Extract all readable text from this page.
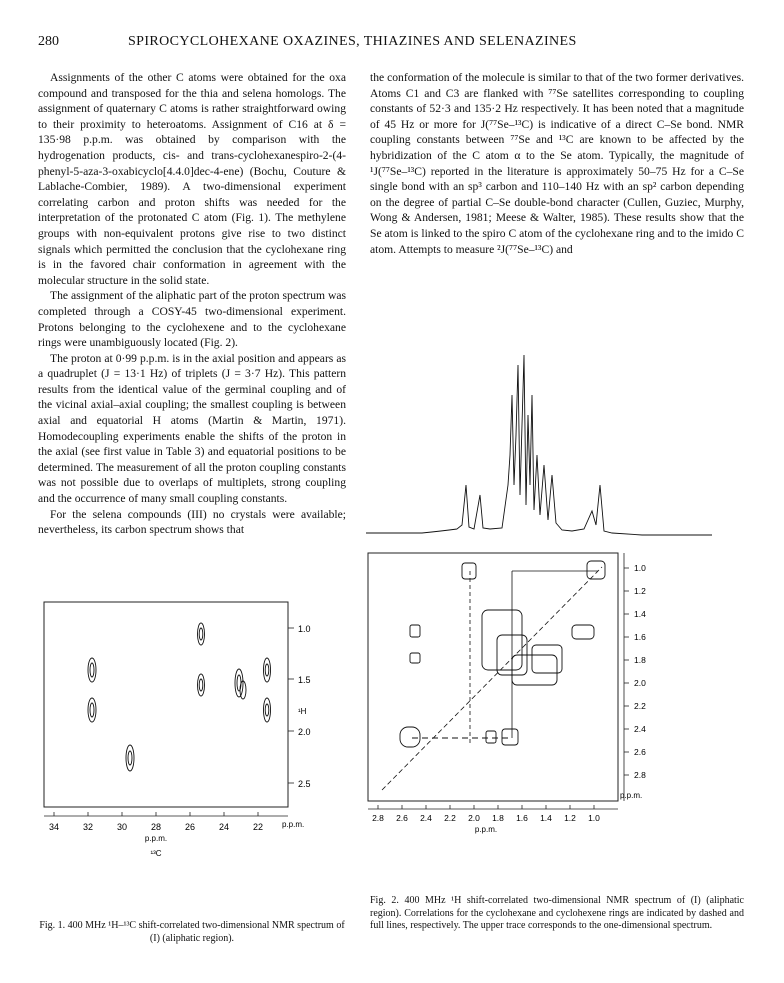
280	SPIROCYCLOHEXANE OXAZINES, THIAZINES AND SELENAZINES

Assignments of the other C atoms were obtained for the oxa compound and transposed for the thia and selena homologs. The assignment of quaternary C atoms is rather straightforward owing to their proximity to heteroatoms. Assignment of C16 at δ = 135·98 p.p.m. was obtained by comparison with the hydrogenation products, cis- and trans-cyclohexanespiro-2-(4-phenyl-5-aza-3-oxabicyclo[4.4.0]dec-4-ene) (Bochu, Couture & Lablache-Combier, 1989). A two-dimensional experiment correlating carbon and proton shifts was needed for the interpretation of the protonated C atom (Fig. 1). The methylene groups with non-equivalent protons give rise to two distinct signals which permitted the conclusion that the cyclohexane ring is in the favored chair conformation in agreement with the molecular structure in the solid state.

The assignment of the aliphatic part of the proton spectrum was completed through a COSY-45 two-dimensional experiment. Protons belonging to the cyclohexene and to the cyclohexane rings were unambiguously located (Fig. 2).

The proton at 0·99 p.p.m. is in the axial position and appears as a quadruplet (J = 13·1 Hz) of triplets (J = 3·7 Hz). This pattern results from the identical value of the germinal coupling and of the vicinal axial–axial coupling; the smallest coupling is between axial and equatorial H atoms (Martin & Martin, 1971). Homodecoupling experiments enable the shifts of the proton in the axial (see first value in Table 3) and equatorial positions to be determined. The measurement of all the proton coupling constants was not possible due to overlaps of multiplets, strong coupling and the occurrence of many small coupling constants.

For the selena compounds (III) no crystals were available; nevertheless, its carbon spectrum shows that

the conformation of the molecule is similar to that of the two former derivatives. Atoms C1 and C3 are flanked with ⁷⁷Se satellites corresponding to coupling constants of 52·3 and 135·2 Hz respectively. It has been noted that a magnitude of 45 Hz or more for J(⁷⁷Se–¹³C) is indicative of a direct C–Se bond. NMR coupling constants between ⁷⁷Se and ¹³C are known to be affected by the hybridization of the C atom α to the Se atom. Typically, the magnitude of ¹J(⁷⁷Se–¹³C) reported in the literature is approximately 50–75 Hz for a C–Se single bond with an sp³ carbon and 110–140 Hz with an sp² carbon depending on the degree of partial C–Se double-bond character (Cullen, Guziec, Murphy, Wong & Andersen, 1981; Meese & Walter, 1985). These results show that the Se atom is linked to the spiro C atom of the cyclohexane ring and to the imido C atom. Attempts to measure ²J(⁷⁷Se–¹³C) and

1.0
1.5
2.0
2.5
¹H
p.p.m.
34	32	30	28	26	24	22
p.p.m.
¹³C
Fig. 1. 400 MHz ¹H–¹³C shift-correlated two-dimensional NMR spectrum of (I) (aliphatic region).
1.0
1.2
1.4
1.6
1.8
2.0
2.2
2.4
2.6
2.8
p.p.m.
2.8 2.6 2.4 2.2 2.0 1.8 1.6 1.4 1.2 1.0
p.p.m.
Fig. 2. 400 MHz ¹H shift-correlated two-dimensional NMR spectrum of (I) (aliphatic region). Correlations for the cyclohexane and cyclohexene rings are indicated by dashed and full lines, respectively. The upper trace corresponds to the one-dimensional spectrum.
